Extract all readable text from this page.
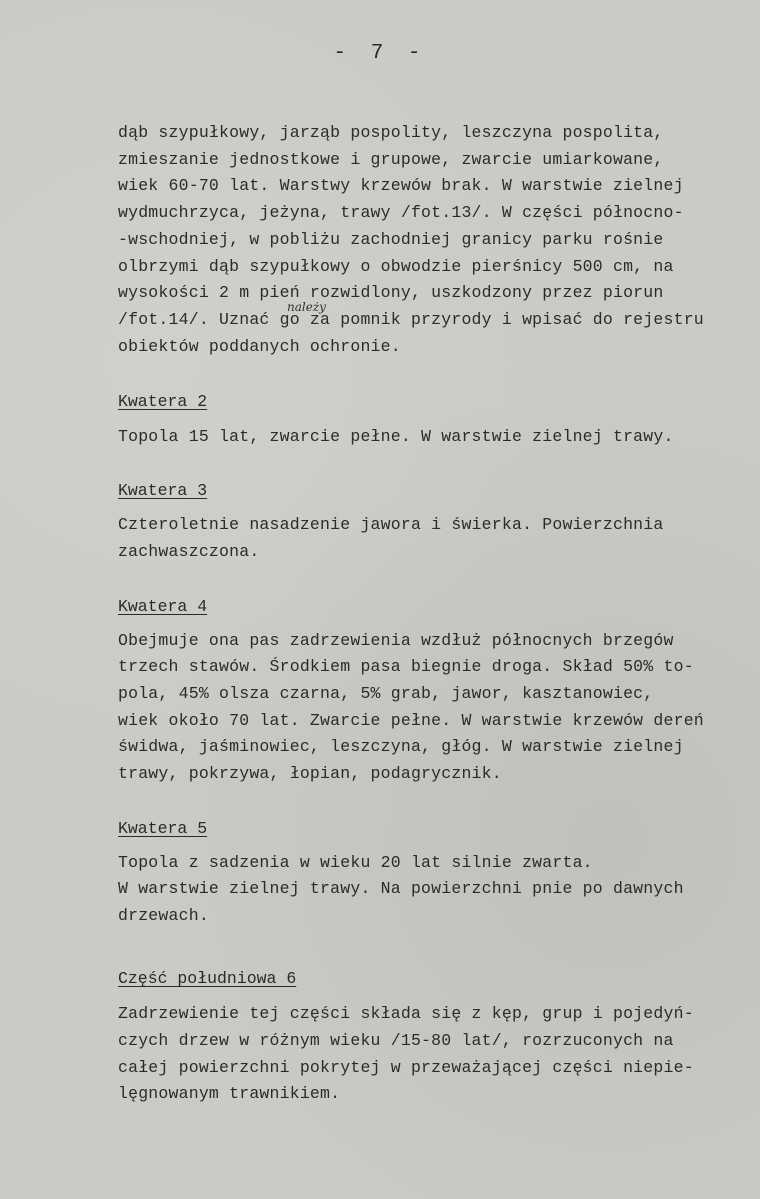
- 7 -
dąb szypułkowy, jarząb pospolity, leszczyna pospolita,
zmieszanie jednostkowe i grupowe, zwarcie umiarkowane,
wiek 60-70 lat. Warstwy krzewów brak. W warstwie zielnej
wydmuchrzyca, jeżyna, trawy /fot.13/. W części północno-
-wschodniej, w pobliżu zachodniej granicy parku rośnie
olbrzymi dąb szypułkowy o obwodzie pierśnicy 500 cm, na
wysokości 2 m pień rozwidlony, uszkodzony przez piorun
należy
/fot.14/. Uznać go za pomnik przyrody i wpisać do rejestru
obiektów poddanych ochronie.
Kwatera 2
Topola 15 lat, zwarcie pełne. W warstwie zielnej trawy.
Kwatera 3
Czteroletnie nasadzenie jawora i świerka. Powierzchnia
zachwaszczona.
Kwatera 4
Obejmuje ona pas zadrzewienia wzdłuż północnych brzegów
trzech stawów. Środkiem pasa biegnie droga. Skład 50% to-
pola, 45% olsza czarna, 5% grab, jawor, kasztanowiec,
wiek około 70 lat. Zwarcie pełne. W warstwie krzewów dereń
świdwa, jaśminowiec, leszczyna, głóg. W warstwie zielnej
trawy, pokrzywa, łopian, podagrycznik.
Kwatera 5
Topola z sadzenia w wieku 20 lat silnie zwarta.
W warstwie zielnej trawy. Na powierzchni pnie po dawnych
drzewach.
Część południowa 6
Zadrzewienie tej części składa się z kęp, grup i pojedyń-
czych drzew w różnym wieku /15-80 lat/, rozrzuconych na
całej powierzchni pokrytej w przeważającej części niepie-
lęgnowanym trawnikiem.
